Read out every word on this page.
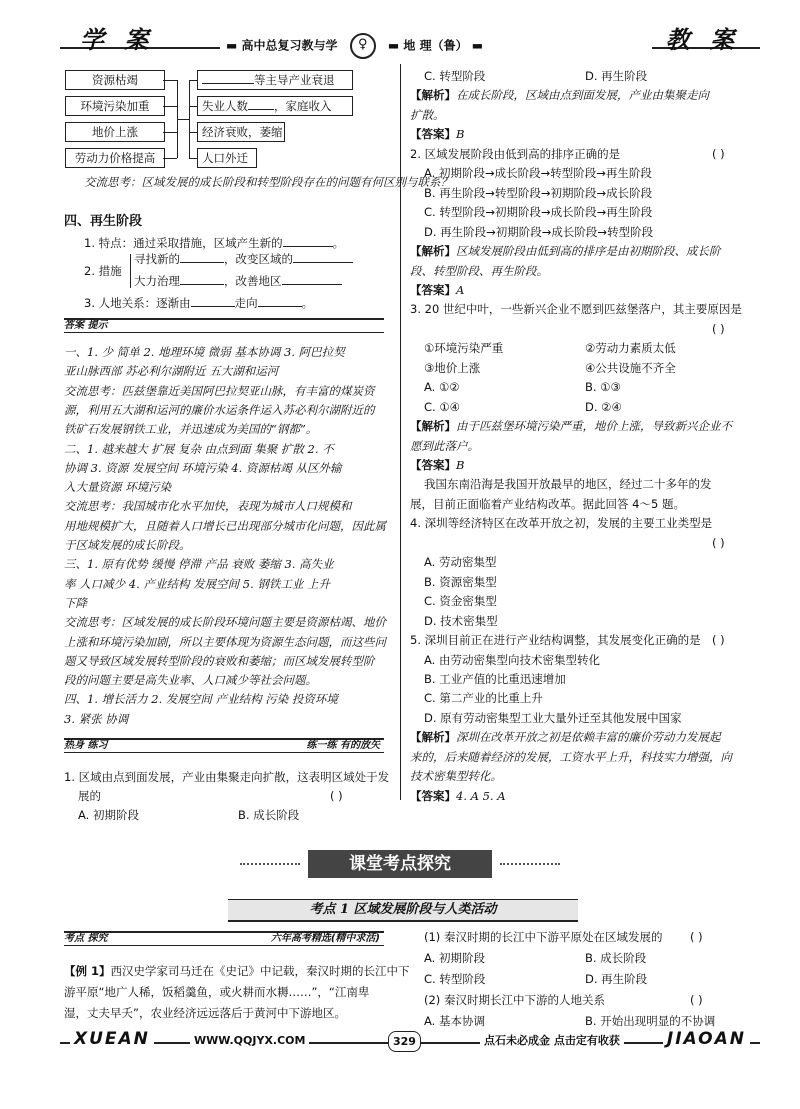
学 案	▬ 高中总复习教与学 ♀ ▬ 地 理（鲁） ▬	教 案
资源枯竭
环境污染加重
地价上涨
劳动力价格提高
等主导产业衰退
失业人数 ，家庭收入
经济衰败，萎缩
人口外迁
交流思考：区域发展的成长阶段和转型阶段存在的问题有何区别与联系？
四、再生阶段
1. 特点：通过采取措施，区域产生新的	。
2. 措施
寻找新的	，改变区域的
大力治理	，改善地区
3. 人地关系：逐渐由	走向	。
答案 提示
一、1. 少 简单 2. 地理环境 微弱 基本协调 3. 阿巴拉契
亚山脉西部 苏必利尔湖附近 五大湖和运河
交流思考：匹兹堡靠近美国阿巴拉契亚山脉，有丰富的煤炭资
源，利用五大湖和运河的廉价水运条件运入苏必利尔湖附近的
铁矿石发展钢铁工业，并迅速成为美国的“钢都”。
二、1. 越来越大 扩展 复杂 由点到面 集聚 扩散 2. 不
协调 3. 资源 发展空间 环境污染 4. 资源枯竭 从区外输
入大量资源 环境污染
交流思考：我国城市化水平加快，表现为城市人口规模和
用地规模扩大，且随着人口增长已出现部分城市化问题，因此属
于区域发展的成长阶段。
三、1. 原有优势 缓慢 停滞 产品 衰败 萎缩 3. 高失业
率 人口减少 4. 产业结构 发展空间 5. 钢铁工业 上升
下降
交流思考：区域发展的成长阶段环境问题主要是资源枯竭、地价
上涨和环境污染加剧，所以主要体现为资源生态问题，而这些问
题又导致区域发展转型阶段的衰败和萎缩；而区域发展转型阶
段的问题主要是高失业率、人口减少等社会问题。
四、1. 增长活力 2. 发展空间 产业结构 污染 投资环境
3. 紧张 协调
热身 练习	练一练 有的放矢
1. 区域由点到面发展，产业由集聚走向扩散，这表明区域处于发
展的	( )
A. 初期阶段	B. 成长阶段
C. 转型阶段	D. 再生阶段
【解析】在成长阶段，区域由点到面发展，产业由集聚走向
扩散。
【答案】B
2. 区域发展阶段由低到高的排序正确的是	( )
A. 初期阶段→成长阶段→转型阶段→再生阶段
B. 再生阶段→转型阶段→初期阶段→成长阶段
C. 转型阶段→初期阶段→成长阶段→再生阶段
D. 再生阶段→初期阶段→成长阶段→转型阶段
【解析】区域发展阶段由低到高的排序是由初期阶段、成长阶
段、转型阶段、再生阶段。
【答案】A
3. 20 世纪中叶，一些新兴企业不愿到匹兹堡落户，其主要原因是
( )
①环境污染严重	②劳动力素质太低
③地价上涨	④公共设施不齐全
A. ①②	B. ①③
C. ①④	D. ②④
【解析】由于匹兹堡环境污染严重，地价上涨，导致新兴企业不
愿到此落户。
【答案】B
我国东南沿海是我国开放最早的地区，经过二十多年的发
展，目前正面临着产业结构改革。据此回答 4～5 题。
4. 深圳等经济特区在改革开放之初，发展的主要工业类型是
( )
A. 劳动密集型
B. 资源密集型
C. 资金密集型
D. 技术密集型
5. 深圳目前正在进行产业结构调整，其发展变化正确的是 ( )
A. 由劳动密集型向技术密集型转化
B. 工业产值的比重迅速增加
C. 第二产业的比重上升
D. 原有劳动密集型工业大量外迁至其他发展中国家
【解析】深圳在改革开放之初是依赖丰富的廉价劳动力发展起
来的，后来随着经济的发展，工资水平上升，科技实力增强，向
技术密集型转化。
【答案】4. A 5. A
课堂考点探究
考点 1 区域发展阶段与人类活动
考点 探究	六年高考精选(精中求活)
【例 1】西汉史学家司马迁在《史记》中记载，秦汉时期的长江中下
游平原“地广人稀，饭稻羹鱼，或火耕而水耨……”，“江南卑
湿，丈夫早夭”，农业经济远远落后于黄河中下游地区。
(1) 秦汉时期的长江中下游平原处在区域发展的 ( )
A. 初期阶段	B. 成长阶段
C. 转型阶段	D. 再生阶段
(2) 秦汉时期长江中下游的人地关系	( )
A. 基本协调	B. 开始出现明显的不协调
XUEAN	WWW.QQJYX.COM	329	点石未必成金 点击定有收获	JIAOAN
